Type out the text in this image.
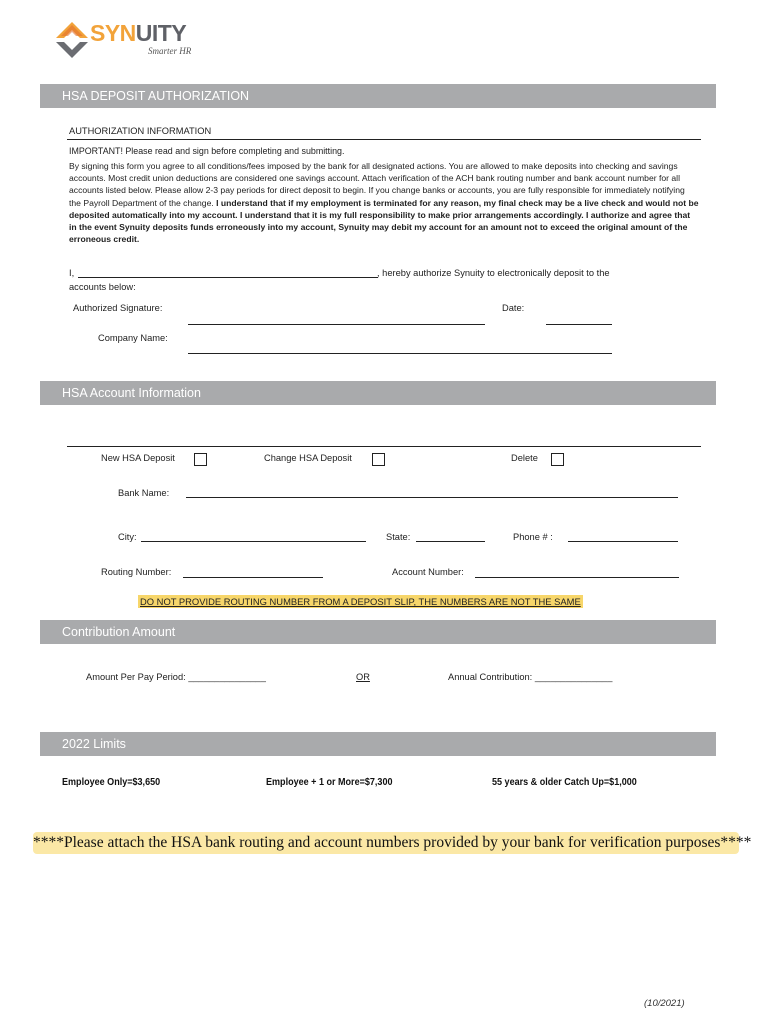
SYNUITY
Smarter HR
HSA DEPOSIT AUTHORIZATION
AUTHORIZATION INFORMATION
IMPORTANT! Please read and sign before completing and submitting.
By signing this form you agree to all conditions/fees imposed by the bank for all designated actions. You are allowed to make deposits into checking and savings accounts. Most credit union deductions are considered one savings account. Attach verification of the ACH bank routing number and bank account number for all accounts listed below. Please allow 2-3 pay periods for direct deposit to begin. If you change banks or accounts, you are fully responsible for immediately notifying the Payroll Department of the change. I understand that if my employment is terminated for any reason, my final check may be a live check and would not be deposited automatically into my account. I understand that it is my full responsibility to make prior arrangements accordingly. I authorize and agree that in the event Synuity deposits funds erroneously into my account, Synuity may debit my account for an amount not to exceed the original amount of the erroneous credit.
I,	, hereby authorize Synuity to electronically deposit to the
accounts below:
Authorized Signature:	Date:
Company Name:
HSA Account Information
New HSA Deposit	Change HSA Deposit	Delete
Bank Name:
City:	State:	Phone # :
Routing Number:	Account Number:
DO NOT PROVIDE ROUTING NUMBER FROM A DEPOSIT SLIP, THE NUMBERS ARE NOT THE SAME
Contribution Amount
Amount Per Pay Period: _______________	OR	Annual Contribution: _______________
2022 Limits
Employee Only=$3,650	Employee + 1 or More=$7,300	55 years & older Catch Up=$1,000
****Please attach the HSA bank routing and account numbers provided by your bank for verification purposes****
(10/2021)
